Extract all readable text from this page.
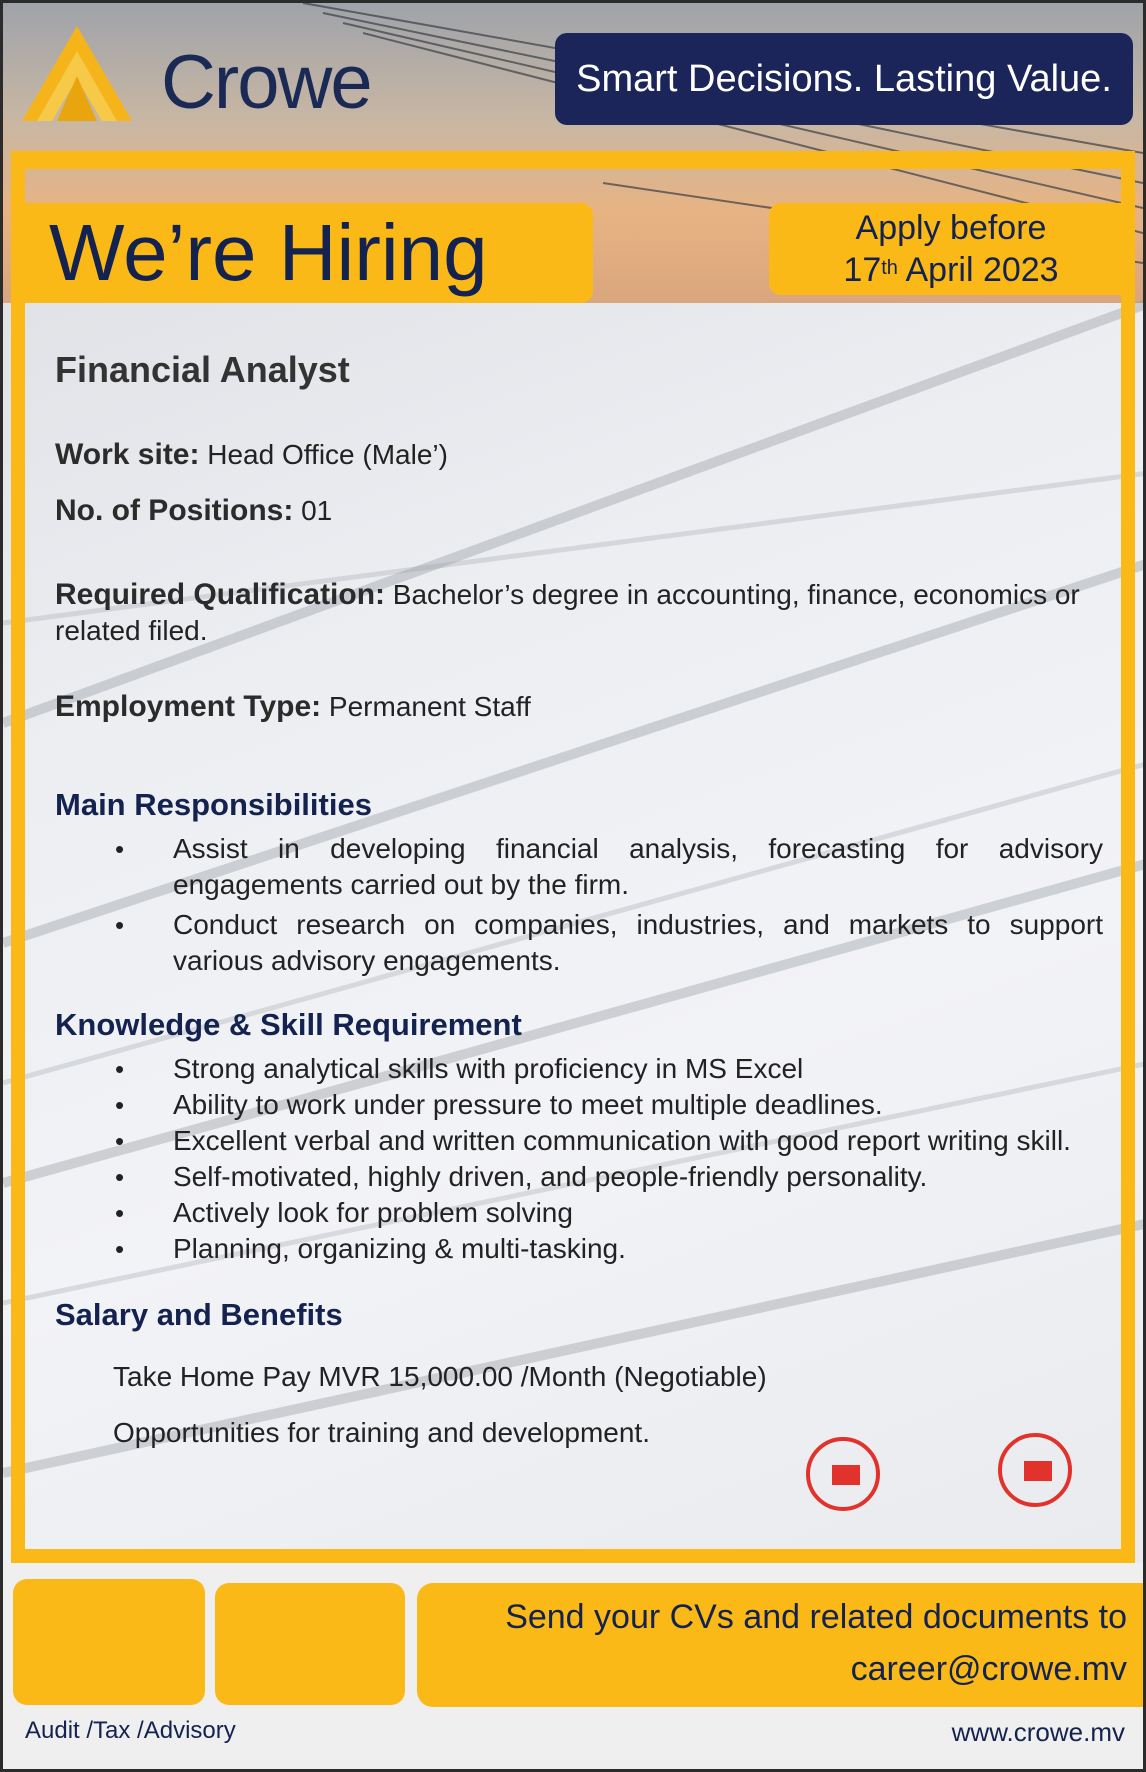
Crowe	Smart Decisions. Lasting Value.
We’re Hiring	Apply before
17th April 2023
Financial Analyst
Work site: Head Office (Male’)
No. of Positions: 01
Required Qualification: Bachelor’s degree in accounting, finance, economics or related filed.
Employment Type: Permanent Staff
Main Responsibilities
• Assist in developing financial analysis, forecasting for advisory engagements carried out by the firm.
• Conduct research on companies, industries, and markets to support various advisory engagements.
Knowledge & Skill Requirement
• Strong analytical skills with proficiency in MS Excel
• Ability to work under pressure to meet multiple deadlines.
• Excellent verbal and written communication with good report writing skill.
• Self-motivated, highly driven, and people-friendly personality.
• Actively look for problem solving
• Planning, organizing & multi-tasking.
Salary and Benefits
Take Home Pay MVR 15,000.00 /Month (Negotiable)
Opportunities for training and development.

Send your CVs and related documents to
career@crowe.mv
Audit /Tax /Advisory	www.crowe.mv
